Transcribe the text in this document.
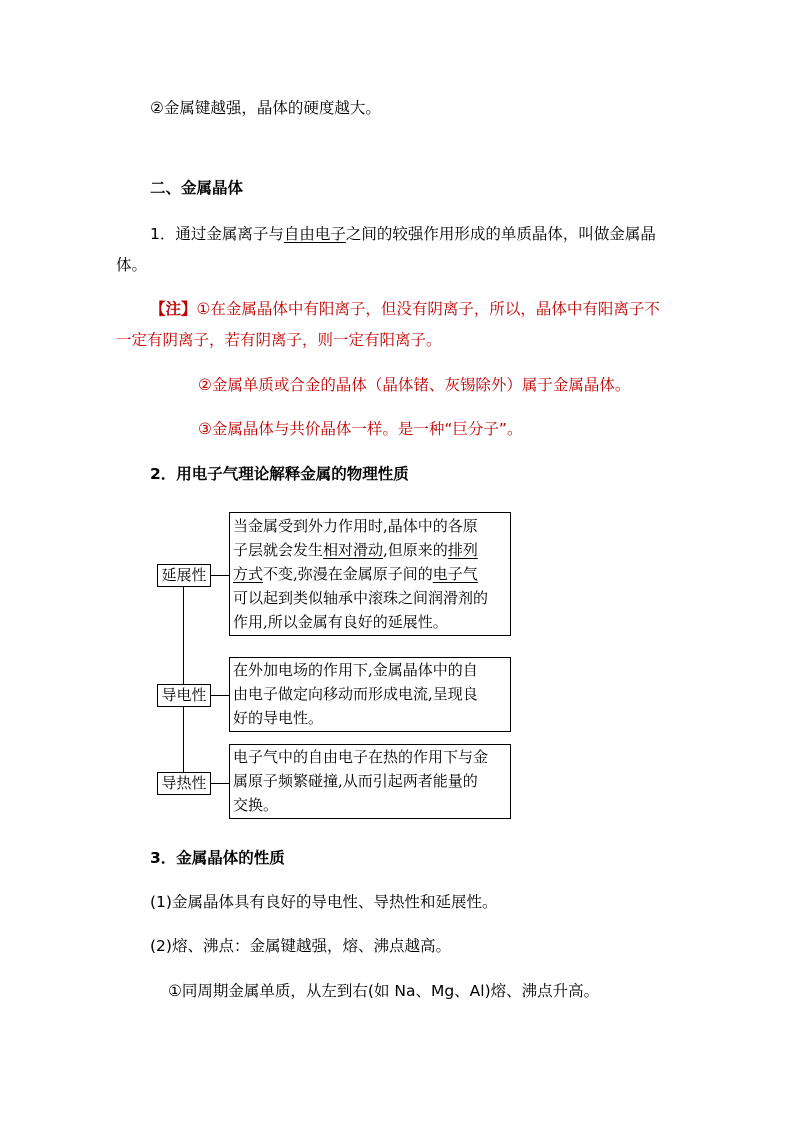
②金属键越强，晶体的硬度越大。
二、金属晶体
1．通过金属离子与自由电子之间的较强作用形成的单质晶体，叫做金属晶
体。
【注】①在金属晶体中有阳离子，但没有阴离子，所以，晶体中有阳离子不
一定有阴离子，若有阴离子，则一定有阳离子。
②金属单质或合金的晶体（晶体锗、灰锡除外）属于金属晶体。
③金属晶体与共价晶体一样。是一种“巨分子”。
2．用电子气理论解释金属的物理性质
延展性
当金属受到外力作用时,晶体中的各原
子层就会发生相对滑动,但原来的排列
方式不变,弥漫在金属原子间的电子气
可以起到类似轴承中滚珠之间润滑剂的
作用,所以金属有良好的延展性。
导电性
在外加电场的作用下,金属晶体中的自
由电子做定向移动而形成电流,呈现良
好的导电性。
导热性
电子气中的自由电子在热的作用下与金
属原子频繁碰撞,从而引起两者能量的
交换。
3．金属晶体的性质
(1)金属晶体具有良好的导电性、导热性和延展性。
(2)熔、沸点：金属键越强，熔、沸点越高。
①同周期金属单质，从左到右(如 Na、Mg、Al)熔、沸点升高。
